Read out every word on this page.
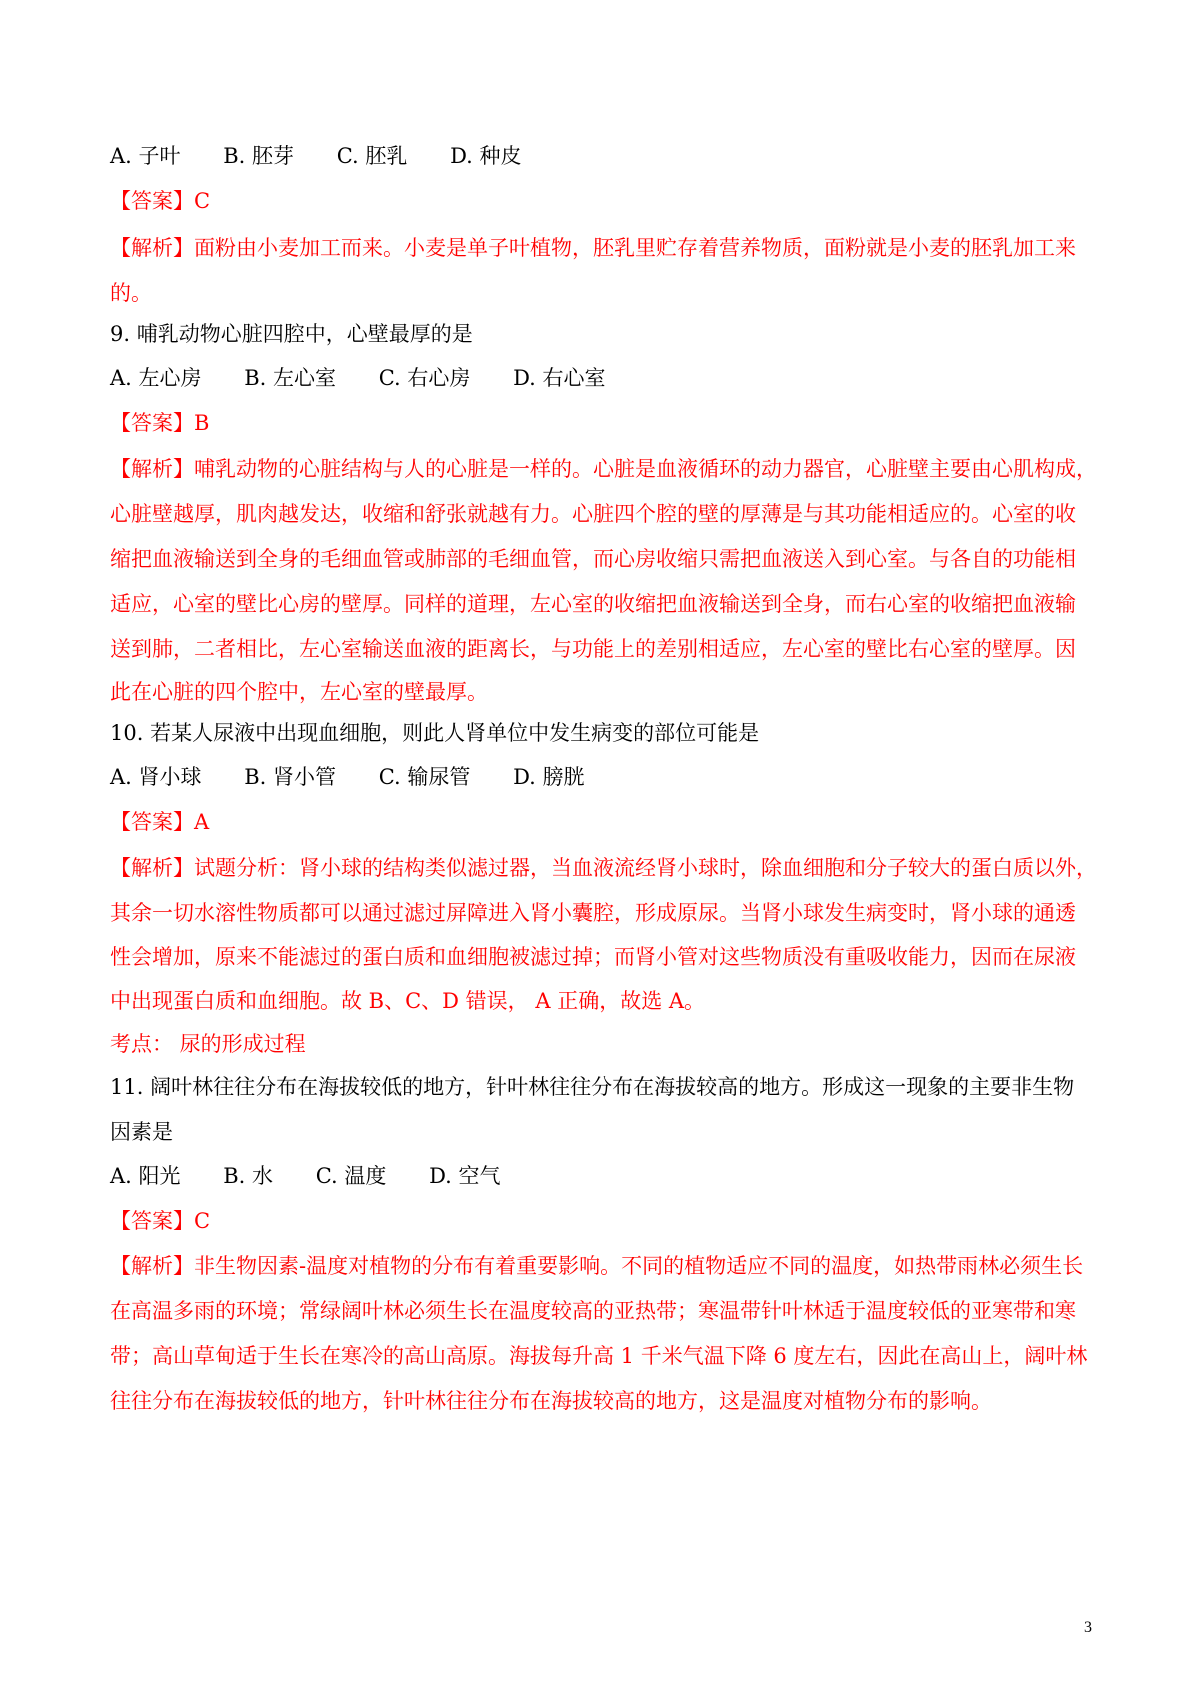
A. 子叶 B. 胚芽 C. 胚乳 D. 种皮
【答案】C
【解析】面粉由小麦加工而来。小麦是单子叶植物，胚乳里贮存着营养物质，面粉就是小麦的胚乳加工来
的。
9. 哺乳动物心脏四腔中，心壁最厚的是
A. 左心房 B. 左心室 C. 右心房 D. 右心室
【答案】B
【解析】哺乳动物的心脏结构与人的心脏是一样的。心脏是血液循环的动力器官，心脏壁主要由心肌构成，
心脏壁越厚，肌肉越发达，收缩和舒张就越有力。心脏四个腔的壁的厚薄是与其功能相适应的。心室的收
缩把血液输送到全身的毛细血管或肺部的毛细血管，而心房收缩只需把血液送入到心室。与各自的功能相
适应，心室的壁比心房的壁厚。同样的道理，左心室的收缩把血液输送到全身，而右心室的收缩把血液输
送到肺，二者相比，左心室输送血液的距离长，与功能上的差别相适应，左心室的壁比右心室的壁厚。因
此在心脏的四个腔中，左心室的壁最厚。
10. 若某人尿液中出现血细胞，则此人肾单位中发生病变的部位可能是
A. 肾小球 B. 肾小管 C. 输尿管 D. 膀胱
【答案】A
【解析】试题分析：肾小球的结构类似滤过器，当血液流经肾小球时，除血细胞和分子较大的蛋白质以外，
其余一切水溶性物质都可以通过滤过屏障进入肾小囊腔，形成原尿。当肾小球发生病变时，肾小球的通透
性会增加，原来不能滤过的蛋白质和血细胞被滤过掉；而肾小管对这些物质没有重吸收能力，因而在尿液
中出现蛋白质和血细胞。故 B、C、D 错误， A 正确，故选 A。
考点： 尿的形成过程
11. 阔叶林往往分布在海拔较低的地方，针叶林往往分布在海拔较高的地方。形成这一现象的主要非生物
因素是
A. 阳光 B. 水 C. 温度 D. 空气
【答案】C
【解析】非生物因素-温度对植物的分布有着重要影响。不同的植物适应不同的温度，如热带雨林必须生长
在高温多雨的环境；常绿阔叶林必须生长在温度较高的亚热带；寒温带针叶林适于温度较低的亚寒带和寒
带；高山草甸适于生长在寒冷的高山高原。海拔每升高 1 千米气温下降 6 度左右，因此在高山上，阔叶林
往往分布在海拔较低的地方，针叶林往往分布在海拔较高的地方，这是温度对植物分布的影响。
3
